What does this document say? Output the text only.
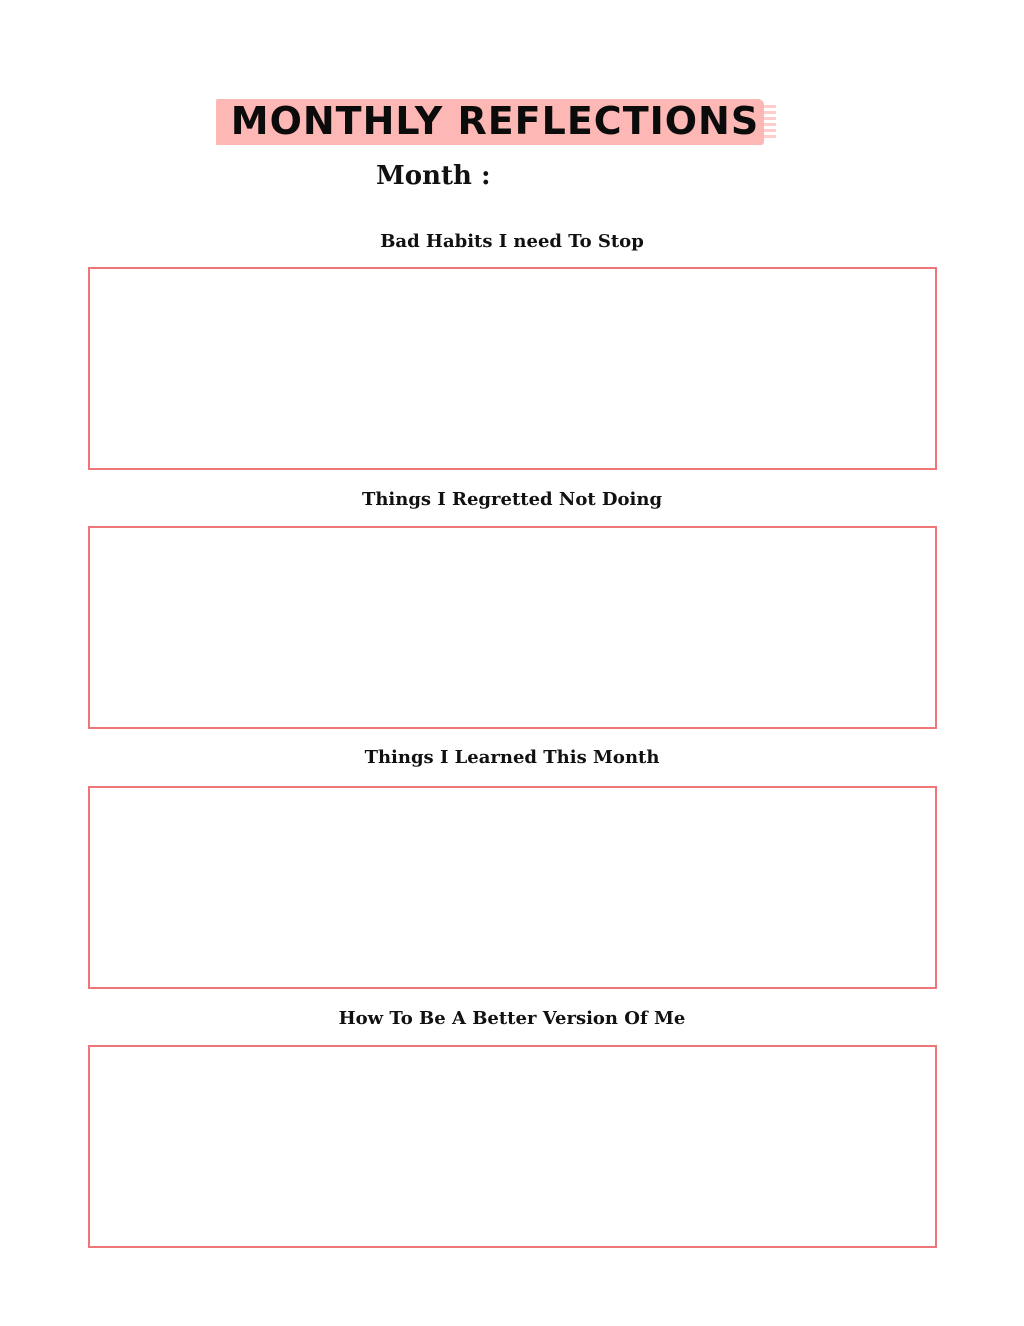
MONTHLY REFLECTIONS
Month :
Bad Habits I need To Stop
Things I Regretted Not Doing
Things I Learned This Month
How To Be A Better Version Of Me
